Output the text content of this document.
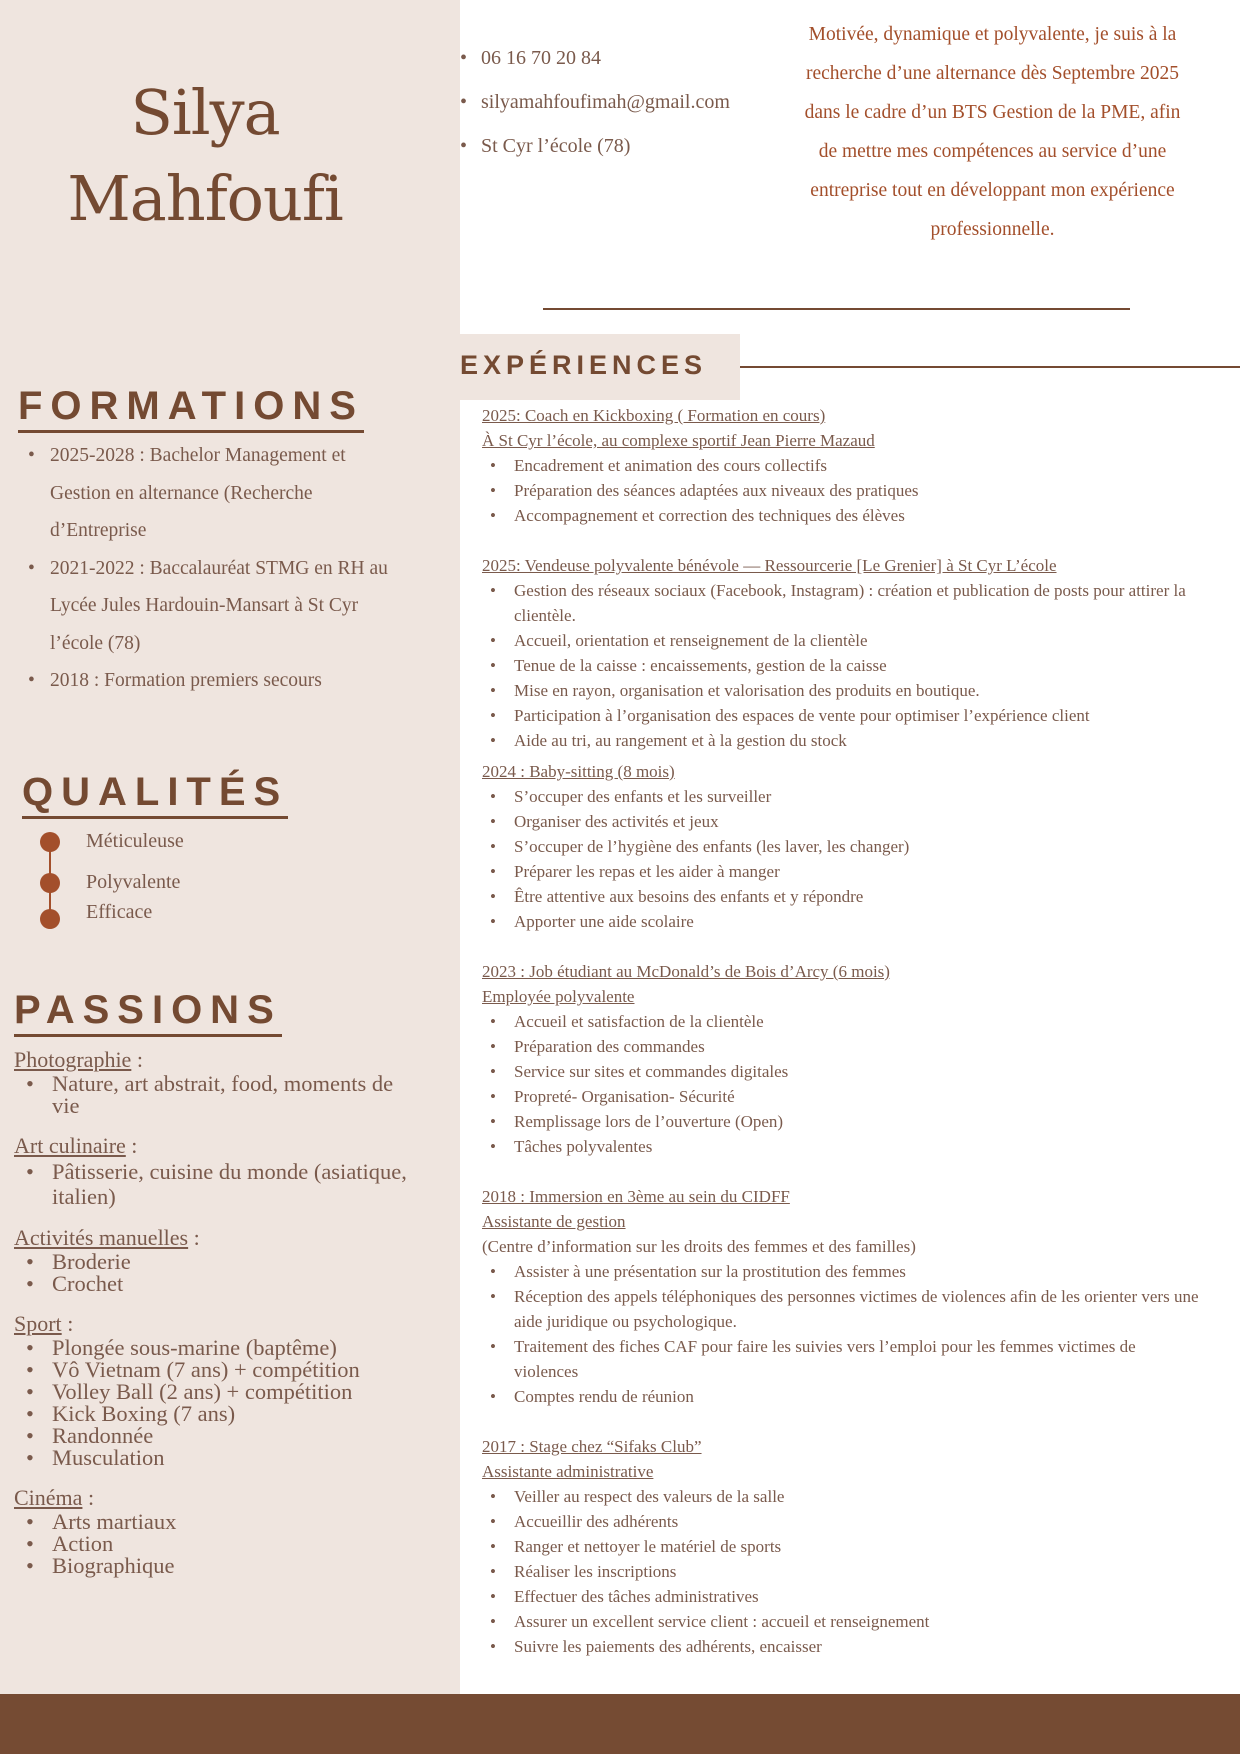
Silya
Mahfoufi
FORMATIONS
• 2025-2028 : Bachelor Management et Gestion en alternance (Recherche d’Entreprise
• 2021-2022 : Baccalauréat STMG en RH au Lycée Jules Hardouin-Mansart à St Cyr l’école (78)
• 2018 : Formation premiers secours
QUALITÉS
Méticuleuse
Polyvalente
Efficace
PASSIONS
Photographie :
• Nature, art abstrait, food, moments de vie
Art culinaire :
• Pâtisserie, cuisine du monde (asiatique, italien)
Activités manuelles :
• Broderie
• Crochet
Sport :
• Plongée sous-marine (baptême)
• Vô Vietnam (7 ans) + compétition
• Volley Ball (2 ans) + compétition
• Kick Boxing (7 ans)
• Randonnée
• Musculation
Cinéma :
• Arts martiaux
• Action
• Biographique
• 06 16 70 20 84
• silyamahfoufimah@gmail.com
• St Cyr l’école (78)

Motivée, dynamique et polyvalente, je suis à la recherche d’une alternance dès Septembre 2025 dans le cadre d’un BTS Gestion de la PME, afin de mettre mes compétences au service d’une entreprise tout en développant mon expérience professionnelle.

EXPÉRIENCES
2025: Coach en Kickboxing ( Formation en cours)
À St Cyr l’école, au complexe sportif Jean Pierre Mazaud
• Encadrement et animation des cours collectifs
• Préparation des séances adaptées aux niveaux des pratiques
• Accompagnement et correction des techniques des élèves
2025: Vendeuse polyvalente bénévole — Ressourcerie [Le Grenier] à St Cyr L’école
• Gestion des réseaux sociaux (Facebook, Instagram) : création et publication de posts pour attirer la clientèle.
• Accueil, orientation et renseignement de la clientèle
• Tenue de la caisse : encaissements, gestion de la caisse
• Mise en rayon, organisation et valorisation des produits en boutique.
• Participation à l’organisation des espaces de vente pour optimiser l’expérience client
• Aide au tri, au rangement et à la gestion du stock
2024 : Baby-sitting (8 mois)
• S’occuper des enfants et les surveiller
• Organiser des activités et jeux
• S’occuper de l’hygiène des enfants (les laver, les changer)
• Préparer les repas et les aider à manger
• Être attentive aux besoins des enfants et y répondre
• Apporter une aide scolaire
2023 : Job étudiant au McDonald’s de Bois d’Arcy (6 mois)
Employée polyvalente
• Accueil et satisfaction de la clientèle
• Préparation des commandes
• Service sur sites et commandes digitales
• Propreté- Organisation- Sécurité
• Remplissage lors de l’ouverture (Open)
• Tâches polyvalentes
2018 : Immersion en 3ème au sein du CIDFF
Assistante de gestion
(Centre d’information sur les droits des femmes et des familles)
• Assister à une présentation sur la prostitution des femmes
• Réception des appels téléphoniques des personnes victimes de violences afin de les orienter vers une aide juridique ou psychologique.
• Traitement des fiches CAF pour faire les suivies vers l’emploi pour les femmes victimes de violences
• Comptes rendu de réunion
2017 : Stage chez “Sifaks Club”
Assistante administrative
• Veiller au respect des valeurs de la salle
• Accueillir des adhérents
• Ranger et nettoyer le matériel de sports
• Réaliser les inscriptions
• Effectuer des tâches administratives
• Assurer un excellent service client : accueil et renseignement
• Suivre les paiements des adhérents, encaisser
